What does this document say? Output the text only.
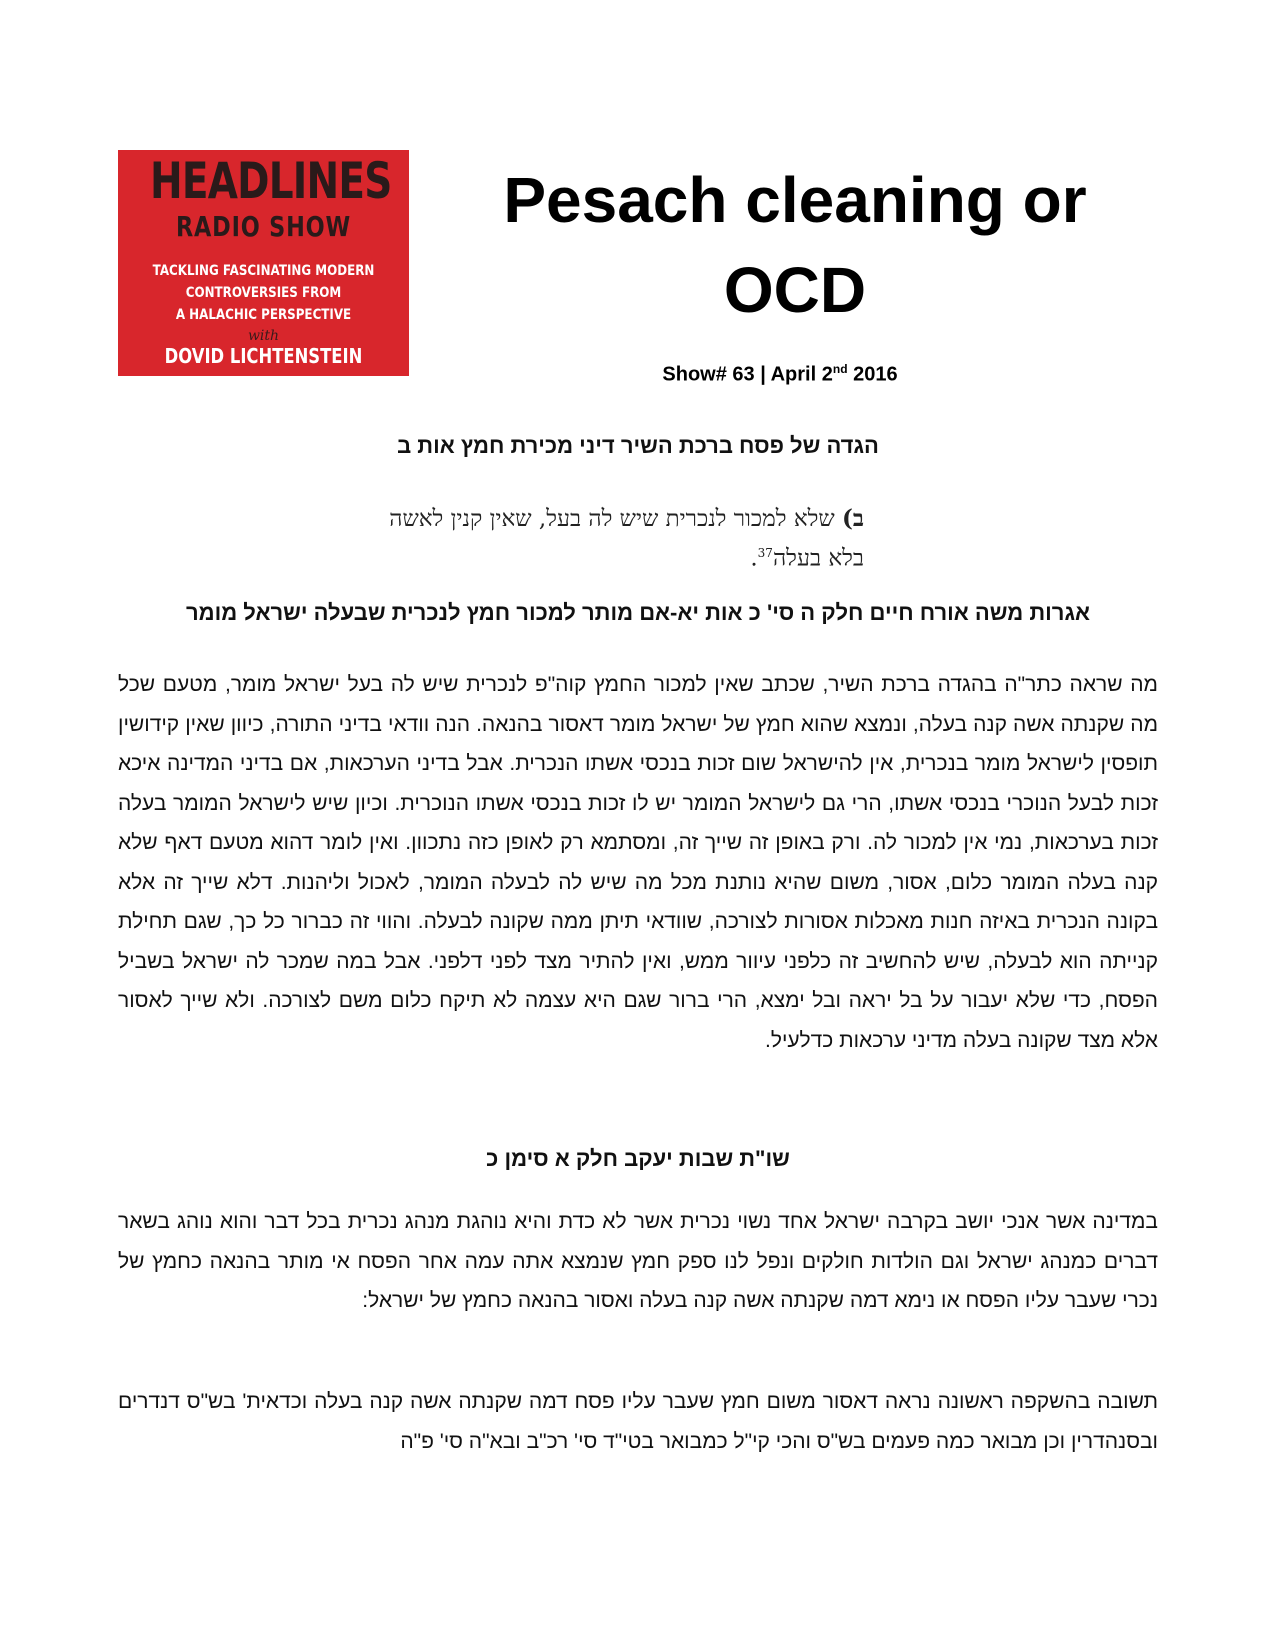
HEADLINES
RADIO SHOW
TACKLING FASCINATING MODERN
CONTROVERSIES FROM
A HALACHIC PERSPECTIVE
with
DOVID LICHTENSTEIN
Pesach cleaning or OCD
Show# 63 | April 2nd 2016
הגדה של פסח ברכת השיר דיני מכירת חמץ אות ב
ב) שלא למכור לנכרית שיש לה בעל, שאין קנין לאשה בלא בעלה$^{37}$.
אגרות משה אורח חיים חלק ה סי' כ אות יא-אם מותר למכור חמץ לנכרית שבעלה ישראל מומר
מה שראה כתר"ה בהגדה ברכת השיר, שכתב שאין למכור החמץ קוה"פ לנכרית שיש לה בעל ישראל מומר, מטעם שכל מה שקנתה אשה קנה בעלה, ונמצא שהוא חמץ של ישראל מומר דאסור בהנאה. הנה וודאי בדיני התורה, כיוון שאין קידושין תופסין לישראל מומר בנכרית, אין להישראל שום זכות בנכסי אשתו הנכרית. אבל בדיני הערכאות, אם בדיני המדינה איכא זכות לבעל הנוכרי בנכסי אשתו, הרי גם לישראל המומר יש לו זכות בנכסי אשתו הנוכרית. וכיון שיש לישראל המומר בעלה זכות בערכאות, נמי אין למכור לה. ורק באופן זה שייך זה, ומסתמא רק לאופן כזה נתכוון. ואין לומר דהוא מטעם דאף שלא קנה בעלה המומר כלום, אסור, משום שהיא נותנת מכל מה שיש לה לבעלה המומר, לאכול וליהנות. דלא שייך זה אלא בקונה הנכרית באיזה חנות מאכלות אסורות לצורכה, שוודאי תיתן ממה שקונה לבעלה. והווי זה כברור כל כך, שגם תחילת קנייתה הוא לבעלה, שיש להחשיב זה כלפני עיוור ממש, ואין להתיר מצד לפני דלפני. אבל במה שמכר לה ישראל בשביל הפסח, כדי שלא יעבור על בל יראה ובל ימצא, הרי ברור שגם היא עצמה לא תיקח כלום משם לצורכה. ולא שייך לאסור אלא מצד שקונה בעלה מדיני ערכאות כדלעיל.
שו"ת שבות יעקב חלק א סימן כ
במדינה אשר אנכי יושב בקרבה ישראל אחד נשוי נכרית אשר לא כדת והיא נוהגת מנהג נכרית בכל דבר והוא נוהג בשאר דברים כמנהג ישראל וגם הולדות חולקים ונפל לנו ספק חמץ שנמצא אתה עמה אחר הפסח אי מותר בהנאה כחמץ של נכרי שעבר עליו הפסח או נימא דמה שקנתה אשה קנה בעלה ואסור בהנאה כחמץ של ישראל:
תשובה בהשקפה ראשונה נראה דאסור משום חמץ שעבר עליו פסח דמה שקנתה אשה קנה בעלה וכדאית' בש"ס דנדרים ובסנהדרין וכן מבואר כמה פעמים בש"ס והכי קי"ל כמבואר בטי"ד סי' רכ"ב ובא"ה סי' פ"ה
